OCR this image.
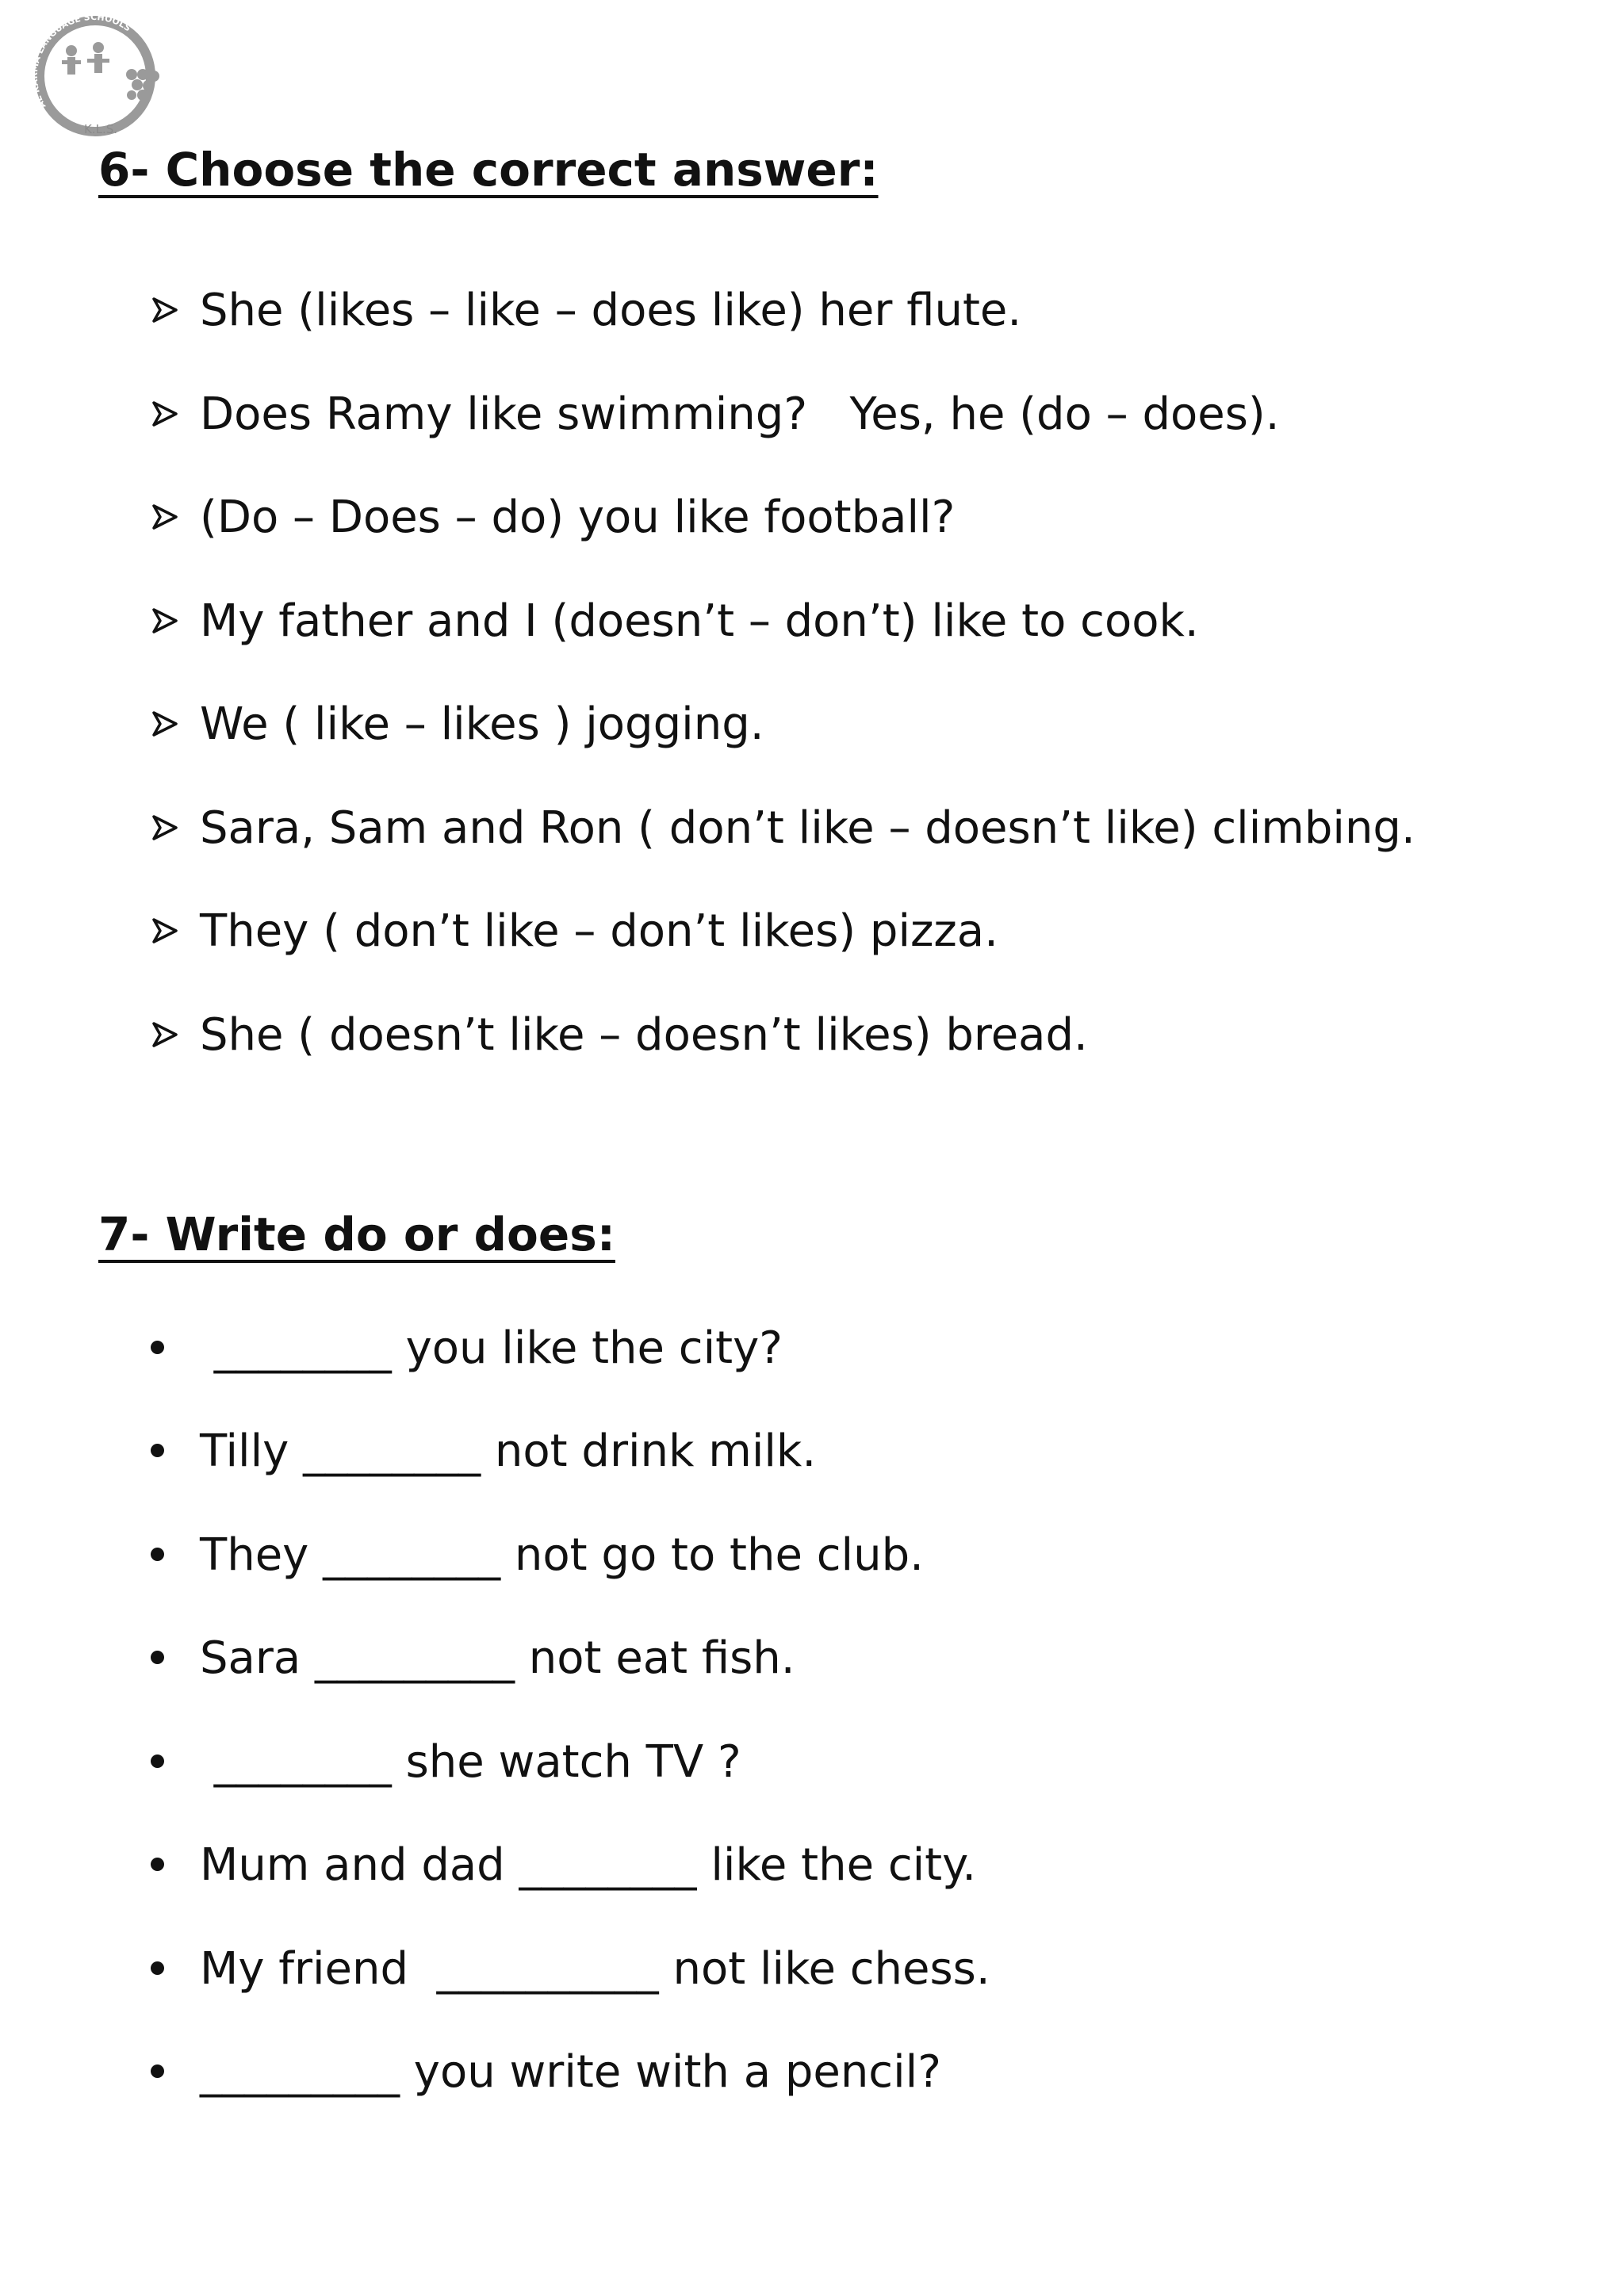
AL KARMA LANGUAGE SCHOOLS
K.L.S.
6- Choose the correct answer:
She (likes – like – does like) her flute.
Does Ramy like swimming?   Yes, he (do – does).
(Do – Does – do) you like football?
My father and I (doesn’t – don’t) like to cook.
We ( like – likes ) jogging.
Sara, Sam and Ron ( don’t like – doesn’t like) climbing.
They ( don’t like – don’t likes) pizza.
She ( doesn’t like – doesn’t likes) bread.
7- Write do or does:
________ you like the city?
Tilly ________ not drink milk.
They ________ not go to the club.
Sara _________ not eat fish.
________ she watch TV ?
Mum and dad ________ like the city.
My friend  __________ not like chess.
_________ you write with a pencil?
